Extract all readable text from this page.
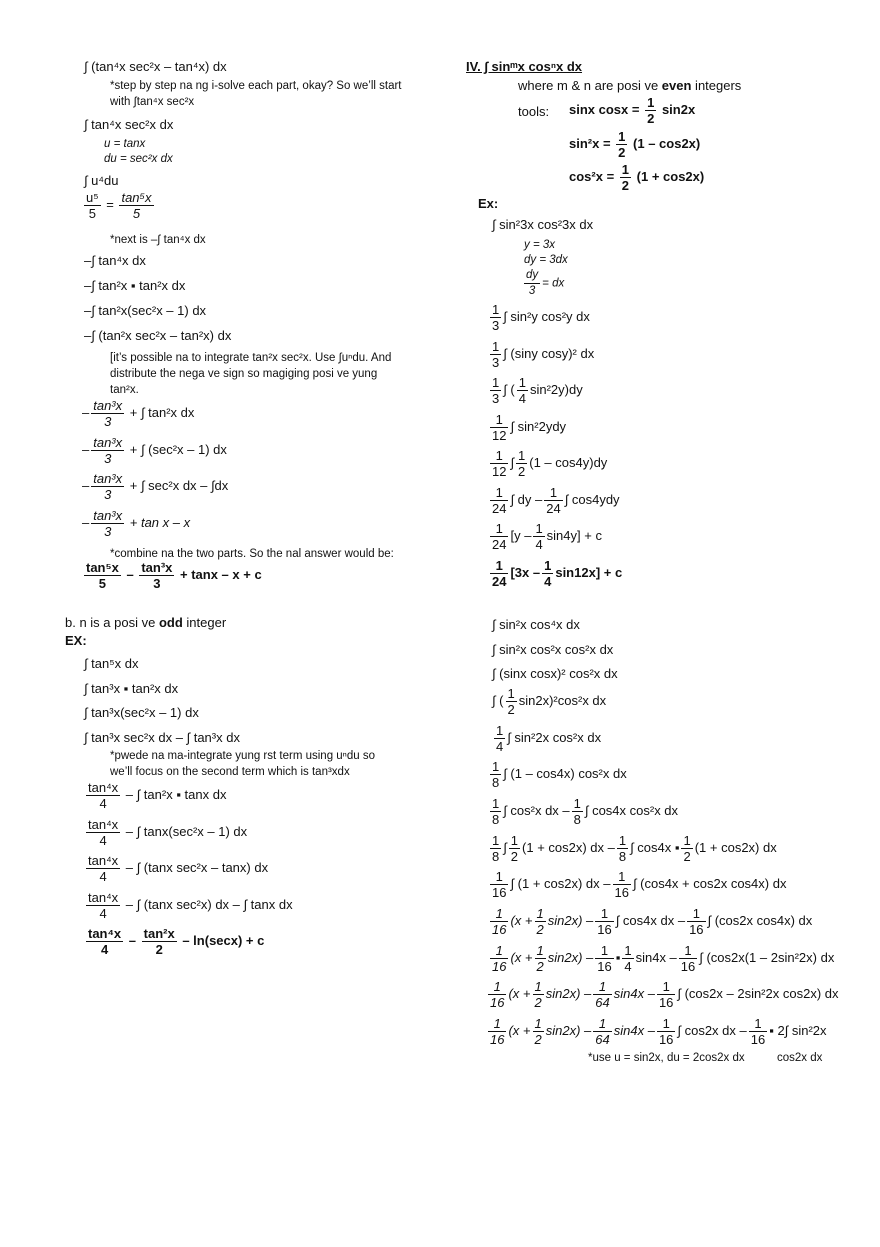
∫ (tan⁴x sec²x – tan⁴x) dx
*step by step na ng i-solve each part, okay? So we’ll start
with ∫tan⁴x sec²x
∫ tan⁴x sec²x dx
u = tanx
du = sec²x dx
∫ u⁴du
$\frac{\text{u⁵}}{5} = \frac{\text{tan⁵x}}{5}$
*next is –∫ tan⁴x dx
–∫ tan⁴x dx
–∫ tan²x ▪ tan²x dx
–∫ tan²x(sec²x – 1) dx
–∫ (tan²x sec²x – tan²x) dx
[it’s possible na to integrate tan²x sec²x. Use ∫uⁿdu. And
distribute the nega ve sign so magiging posi ve yung
tan²x.
– $\frac{\text{tan³x}}{3}$ + ∫ tan²x dx
– $\frac{\text{tan³x}}{3}$ + ∫ (sec²x – 1) dx
– $\frac{\text{tan³x}}{3}$ + ∫ sec²x dx – ∫dx
– $\frac{\text{tan³x}}{3} + \tan x - x$
*combine na the two parts. So the nal answer would be:
$\frac{\text{tan⁵x}}{5} - \frac{\text{tan³x}}{3} + \tan x - x + c$
b. n is a posi ve odd integer
EX:
∫ tan⁵x dx
∫ tan³x ▪ tan²x dx
∫ tan³x(sec²x – 1) dx
∫ tan³x sec²x dx – ∫ tan³x dx
*pwede na ma-integrate yung rst term using uⁿdu so
we’ll focus on the second term which is tan³xdx
$\frac{\text{tan⁴x}}{4}$ – ∫ tan²x ▪ tanx dx
$\frac{\text{tan⁴x}}{4}$ – ∫ tanx(sec²x – 1) dx
$\frac{\text{tan⁴x}}{4}$ – ∫ (tanx sec²x – tanx) dx
$\frac{\text{tan⁴x}}{4}$ – ∫ (tanx sec²x) dx – ∫ tanx dx
$\frac{\text{tan⁴x}}{4} - \frac{\text{tan²x}}{2} - \ln(\sec x) + c$
IV. ∫ sinᵐx cosⁿx dx
where m & n are posi ve even integers
tools: sinx $\cos x = \frac{1}{2} \sin 2x$
$\sin^2x = \frac{1}{2} (1 - \cos 2x)$
$\cos^2x = \frac{1}{2} (1 + \cos 2x)$
Ex:
∫ sin²3x cos²3x dx
y = 3x
dy = 3dx
$\frac{dy}{3}$ = dx
$\frac{1}{3}$ ∫ sin²y cos²y dx
$\frac{1}{3}$ ∫ (siny cosy)² dx
$\frac{1}{3}$ ∫ ( $\frac{1}{4} \sin^22y)dy$
$\frac{1}{12}$ ∫ sin²2ydy
$\frac{1}{12}$ ∫ $\frac{1}{2} (1 - \cos 4y)dy$
$\frac{1}{24}$ ∫ dy – $\frac{1}{24}$ ∫ cos4ydy
$\frac{1}{24} [y - \frac{1}{4} \sin 4y] + c$
$\frac{1}{24} [3x - \frac{1}{4} \sin 12x] + c$
∫ sin²x cos⁴x dx
∫ sin²x cos²x cos²x dx
∫ (sinx cosx)² cos²x dx
∫ ( $\frac{1}{2} \sin 2x)^2\cos^2x$ dx
$\frac{1}{4}$ ∫ sin²2x cos²x dx
$\frac{1}{8}$ ∫ (1 – cos4x) cos²x dx
$\frac{1}{8}$ ∫ cos²x dx – $\frac{1}{8}$ ∫ cos4x cos²x dx
$\frac{1}{8}$ ∫ $\frac{1}{2} (1 + \cos 2x)$ dx – $\frac{1}{8}$ ∫ cos4x ▪ $\frac{1}{2} (1 + \cos 2x)$ dx
$\frac{1}{16}$ ∫ (1 + cos2x) dx – $\frac{1}{16}$ ∫ (cos4x + cos2x cos4x) dx
$\frac{1}{16} (x + \frac{1}{2} \sin 2x) - \frac{1}{16}$ ∫ cos4x dx – $\frac{1}{16}$ ∫ (cos2x cos4x) dx
$\frac{1}{16} (x + \frac{1}{2} \sin 2x) - \frac{1}{16}$ ▪ $\frac{1}{4} \sin 4x - \frac{1}{16}$ ∫ (cos2x(1 – 2sin²2x) dx
$\frac{1}{16} (x + \frac{1}{2} \sin 2x) - \frac{1}{64} \sin 4x - \frac{1}{16}$ ∫ (cos2x – 2sin²2x cos2x) dx
$\frac{1}{16} (x + \frac{1}{2} \sin 2x) - \frac{1}{64} \sin 4x - \frac{1}{16}$ ∫ cos2x dx – $\frac{1}{16}$ ▪ 2∫ sin²2x
*use u = sin2x, du = 2cos2x dx	cos2x dx
